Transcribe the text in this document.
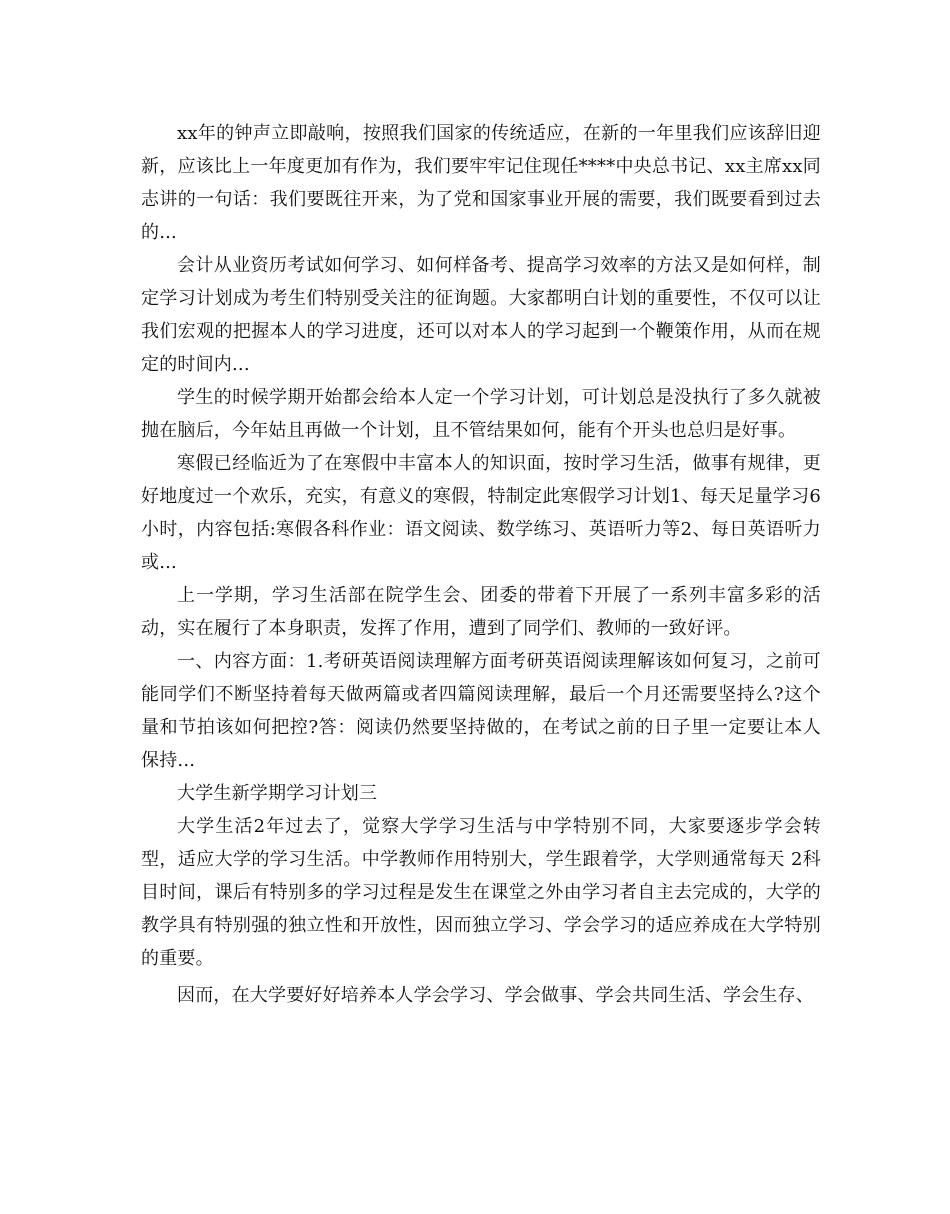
xx年的钟声立即敲响，按照我们国家的传统适应，在新的一年里我们应该辞旧迎新，应该比上一年度更加有作为，我们要牢牢记住现任****中央总书记、xx主席xx同志讲的一句话：我们要既往开来，为了党和国家事业开展的需要，我们既要看到过去的...

会计从业资历考试如何学习、如何样备考、提高学习效率的方法又是如何样，制定学习计划成为考生们特别受关注的征询题。大家都明白计划的重要性，不仅可以让我们宏观的把握本人的学习进度，还可以对本人的学习起到一个鞭策作用，从而在规定的时间内...

学生的时候学期开始都会给本人定一个学习计划，可计划总是没执行了多久就被抛在脑后，今年姑且再做一个计划，且不管结果如何，能有个开头也总归是好事。

寒假已经临近为了在寒假中丰富本人的知识面，按时学习生活，做事有规律，更好地度过一个欢乐，充实，有意义的寒假，特制定此寒假学习计划1、每天足量学习6小时，内容包括:寒假各科作业：语文阅读、数学练习、英语听力等2、每日英语听力或...

上一学期，学习生活部在院学生会、团委的带着下开展了一系列丰富多彩的活动，实在履行了本身职责，发挥了作用，遭到了同学们、教师的一致好评。

一、内容方面：1.考研英语阅读理解方面考研英语阅读理解该如何复习，之前可能同学们不断坚持着每天做两篇或者四篇阅读理解，最后一个月还需要坚持么?这个量和节拍该如何把控?答：阅读仍然要坚持做的，在考试之前的日子里一定要让本人保持...

大学生新学期学习计划三

大学生活2年过去了，觉察大学学习生活与中学特别不同，大家要逐步学会转型，适应大学的学习生活。中学教师作用特别大，学生跟着学，大学则通常每天 2科目时间，课后有特别多的学习过程是发生在课堂之外由学习者自主去完成的，大学的教学具有特别强的独立性和开放性，因而独立学习、学会学习的适应养成在大学特别的重要。

因而，在大学要好好培养本人学会学习、学会做事、学会共同生活、学会生存、
